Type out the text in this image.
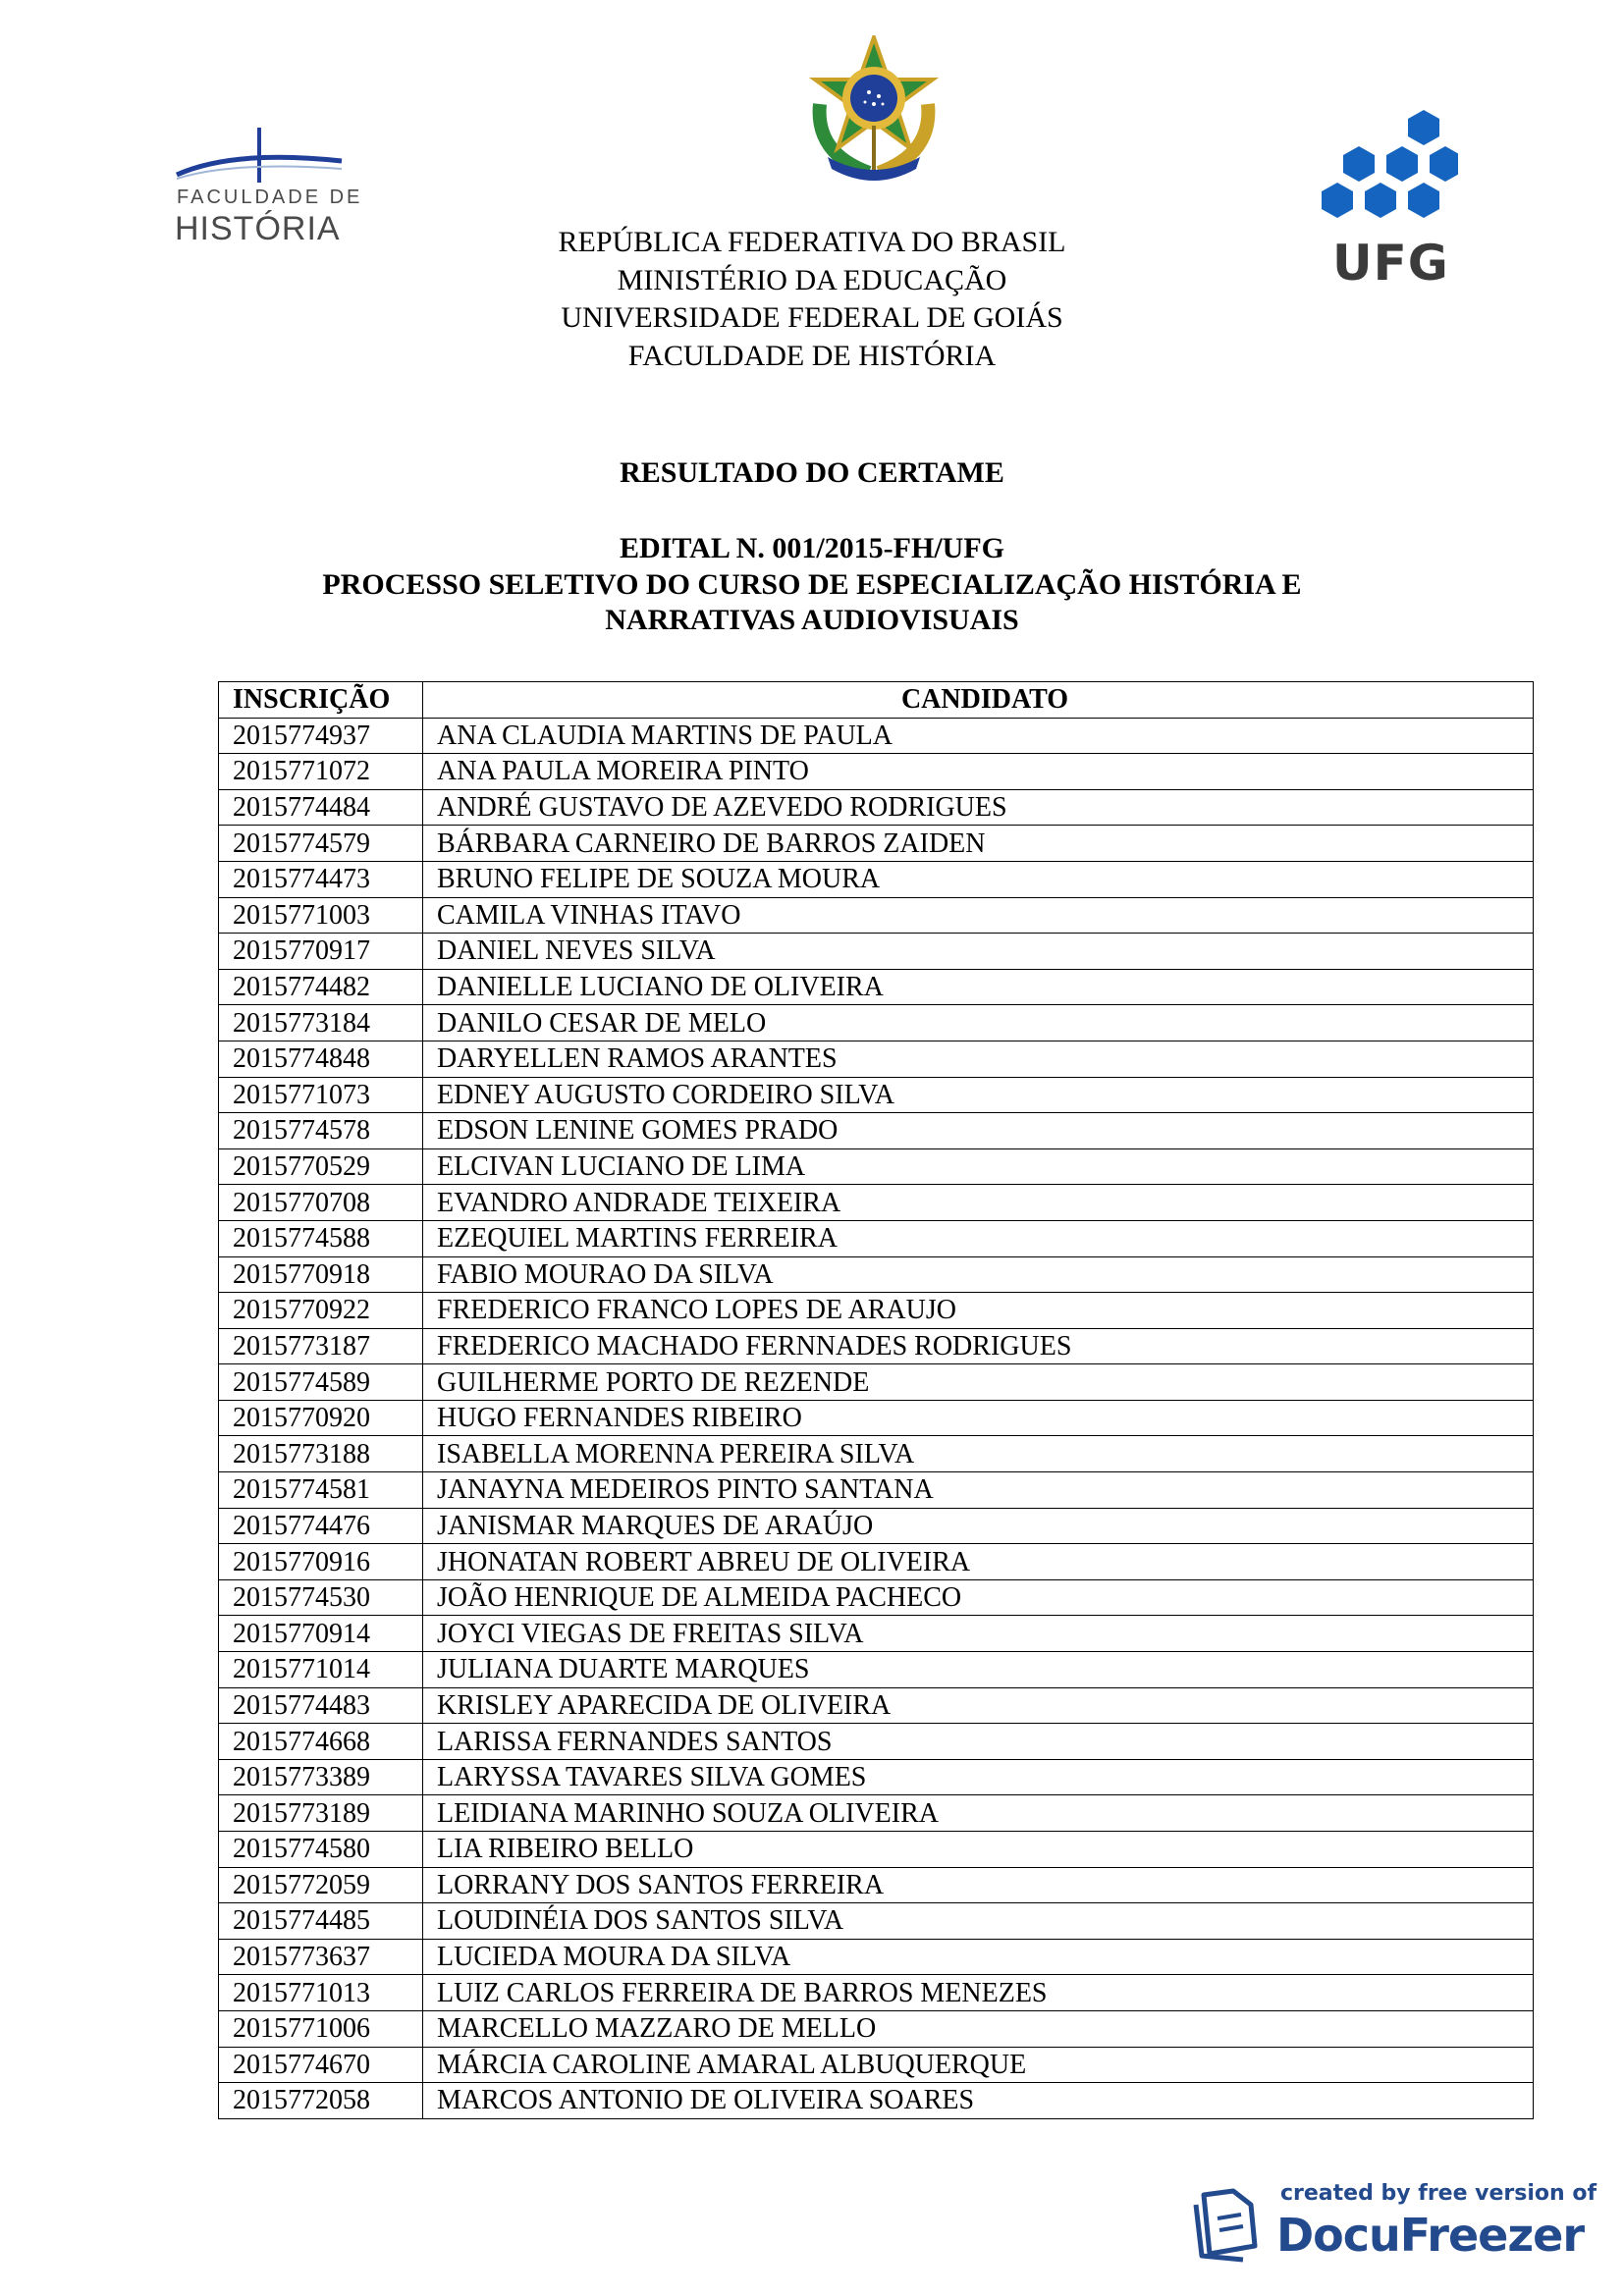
FACULDADE DE
HISTÓRIA
UFG
REPÚBLICA FEDERATIVA DO BRASIL
MINISTÉRIO DA EDUCAÇÃO
UNIVERSIDADE FEDERAL DE GOIÁS
FACULDADE DE HISTÓRIA
RESULTADO DO CERTAME
EDITAL N. 001/2015-FH/UFG
PROCESSO SELETIVO DO CURSO DE ESPECIALIZAÇÃO HISTÓRIA E
NARRATIVAS AUDIOVISUAIS
INSCRIÇÃO	CANDIDATO
2015774937	ANA CLAUDIA MARTINS DE PAULA
2015771072	ANA PAULA MOREIRA PINTO
2015774484	ANDRÉ GUSTAVO DE AZEVEDO RODRIGUES
2015774579	BÁRBARA CARNEIRO DE BARROS ZAIDEN
2015774473	BRUNO FELIPE DE SOUZA MOURA
2015771003	CAMILA VINHAS ITAVO
2015770917	DANIEL NEVES SILVA
2015774482	DANIELLE LUCIANO DE OLIVEIRA
2015773184	DANILO CESAR DE MELO
2015774848	DARYELLEN RAMOS ARANTES
2015771073	EDNEY AUGUSTO CORDEIRO SILVA
2015774578	EDSON LENINE GOMES PRADO
2015770529	ELCIVAN LUCIANO DE LIMA
2015770708	EVANDRO ANDRADE TEIXEIRA
2015774588	EZEQUIEL MARTINS FERREIRA
2015770918	FABIO MOURAO DA SILVA
2015770922	FREDERICO FRANCO LOPES DE ARAUJO
2015773187	FREDERICO MACHADO FERNNADES RODRIGUES
2015774589	GUILHERME PORTO DE REZENDE
2015770920	HUGO FERNANDES RIBEIRO
2015773188	ISABELLA MORENNA PEREIRA SILVA
2015774581	JANAYNA MEDEIROS PINTO SANTANA
2015774476	JANISMAR MARQUES DE ARAÚJO
2015770916	JHONATAN ROBERT ABREU DE OLIVEIRA
2015774530	JOÃO HENRIQUE DE ALMEIDA PACHECO
2015770914	JOYCI VIEGAS DE FREITAS SILVA
2015771014	JULIANA DUARTE MARQUES
2015774483	KRISLEY APARECIDA DE OLIVEIRA
2015774668	LARISSA FERNANDES SANTOS
2015773389	LARYSSA TAVARES SILVA GOMES
2015773189	LEIDIANA MARINHO SOUZA OLIVEIRA
2015774580	LIA RIBEIRO BELLO
2015772059	LORRANY DOS SANTOS FERREIRA
2015774485	LOUDINÉIA DOS SANTOS SILVA
2015773637	LUCIEDA MOURA DA SILVA
2015771013	LUIZ CARLOS FERREIRA DE BARROS MENEZES
2015771006	MARCELLO MAZZARO DE MELLO
2015774670	MÁRCIA CAROLINE AMARAL ALBUQUERQUE
2015772058	MARCOS ANTONIO DE OLIVEIRA SOARES
created by free version of
DocuFreezer
